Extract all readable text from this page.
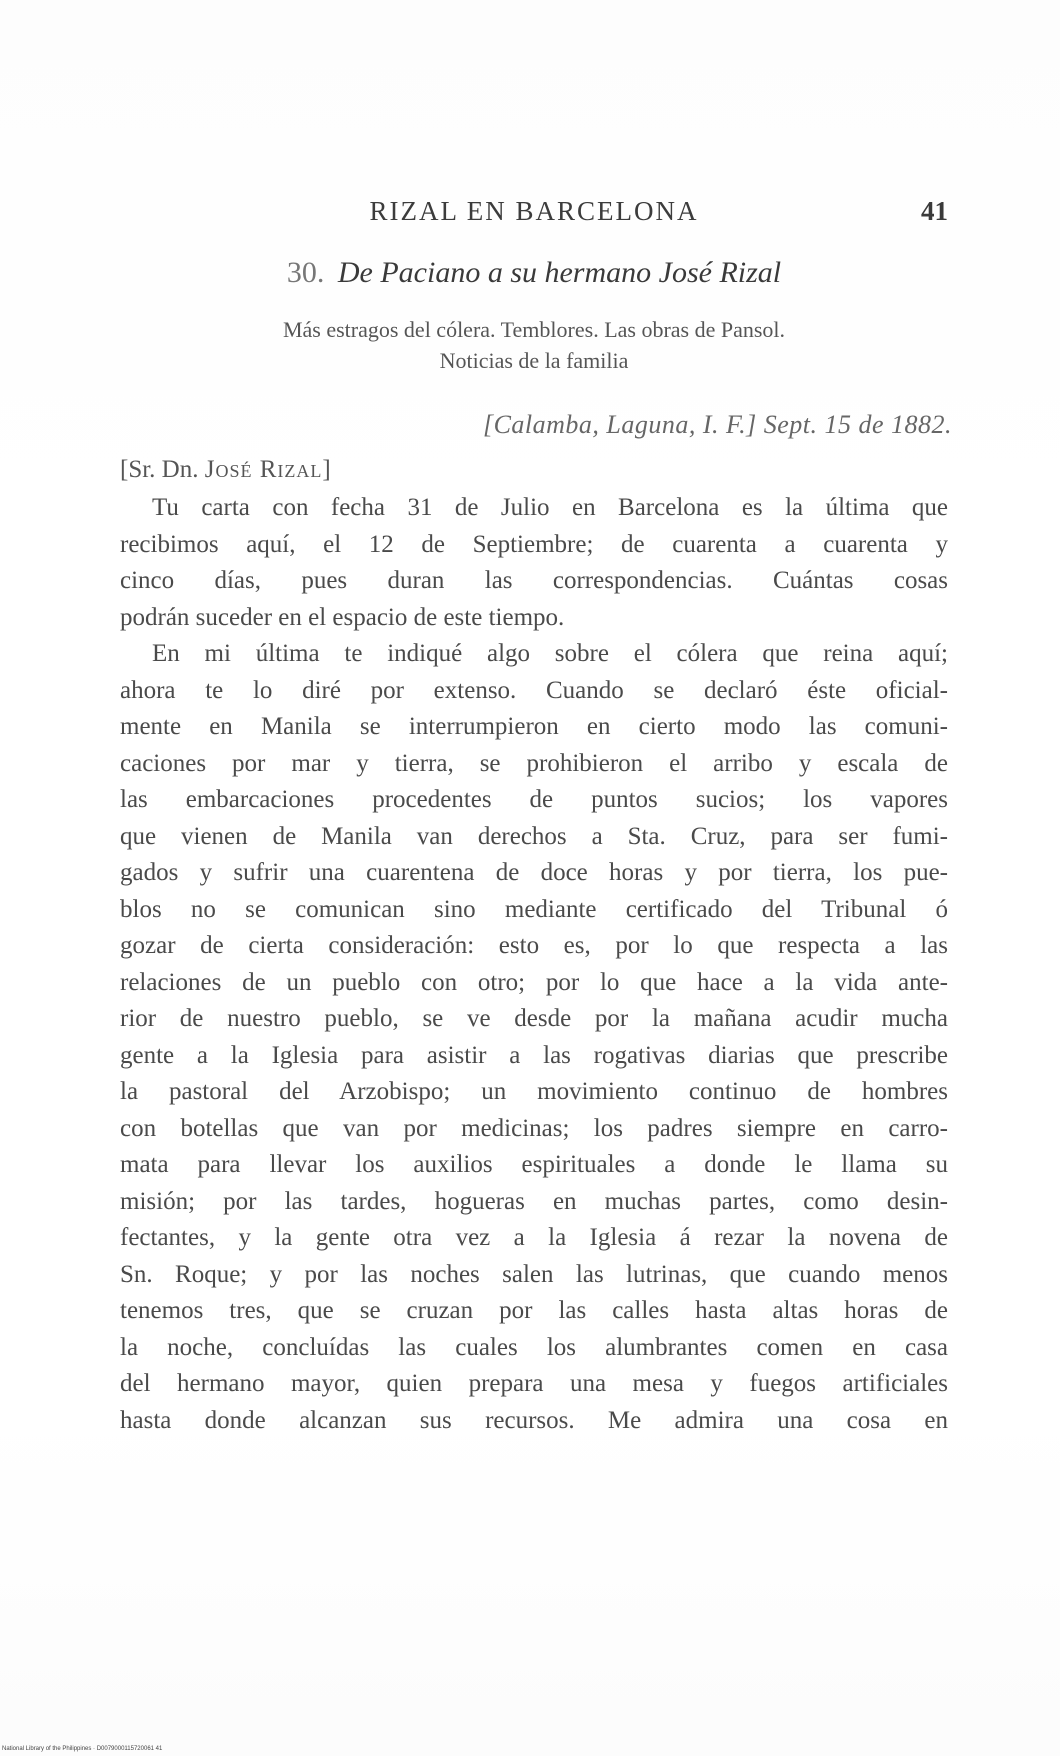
RIZAL EN BARCELONA	41
30. De Paciano a su hermano José Rizal
Más estragos del cólera. Temblores. Las obras de Pansol.
Noticias de la familia
[Calamba, Laguna, I. F.] Sept. 15 de 1882.
[Sr. Dn. José Rizal]
Tu carta con fecha 31 de Julio en Barcelona es la última que
recibimos aquí, el 12 de Septiembre; de cuarenta a cuarenta y
cinco días, pues duran las correspondencias. Cuántas cosas
podrán suceder en el espacio de este tiempo.
En mi última te indiqué algo sobre el cólera que reina aquí;
ahora te lo diré por extenso. Cuando se declaró éste oficial-
mente en Manila se interrumpieron en cierto modo las comuni-
caciones por mar y tierra, se prohibieron el arribo y escala de
las embarcaciones procedentes de puntos sucios; los vapores
que vienen de Manila van derechos a Sta. Cruz, para ser fumi-
gados y sufrir una cuarentena de doce horas y por tierra, los pue-
blos no se comunican sino mediante certificado del Tribunal ó
gozar de cierta consideración: esto es, por lo que respecta a las
relaciones de un pueblo con otro; por lo que hace a la vida ante-
rior de nuestro pueblo, se ve desde por la mañana acudir mucha
gente a la Iglesia para asistir a las rogativas diarias que prescribe
la pastoral del Arzobispo; un movimiento continuo de hombres
con botellas que van por medicinas; los padres siempre en carro-
mata para llevar los auxilios espirituales a donde le llama su
misión; por las tardes, hogueras en muchas partes, como desin-
fectantes, y la gente otra vez a la Iglesia á rezar la novena de
Sn. Roque; y por las noches salen las lutrinas, que cuando menos
tenemos tres, que se cruzan por las calles hasta altas horas de
la noche, concluídas las cuales los alumbrantes comen en casa
del hermano mayor, quien prepara una mesa y fuegos artificiales
hasta donde alcanzan sus recursos. Me admira una cosa en
National Library of the Philippines · D0079000115720061 41
